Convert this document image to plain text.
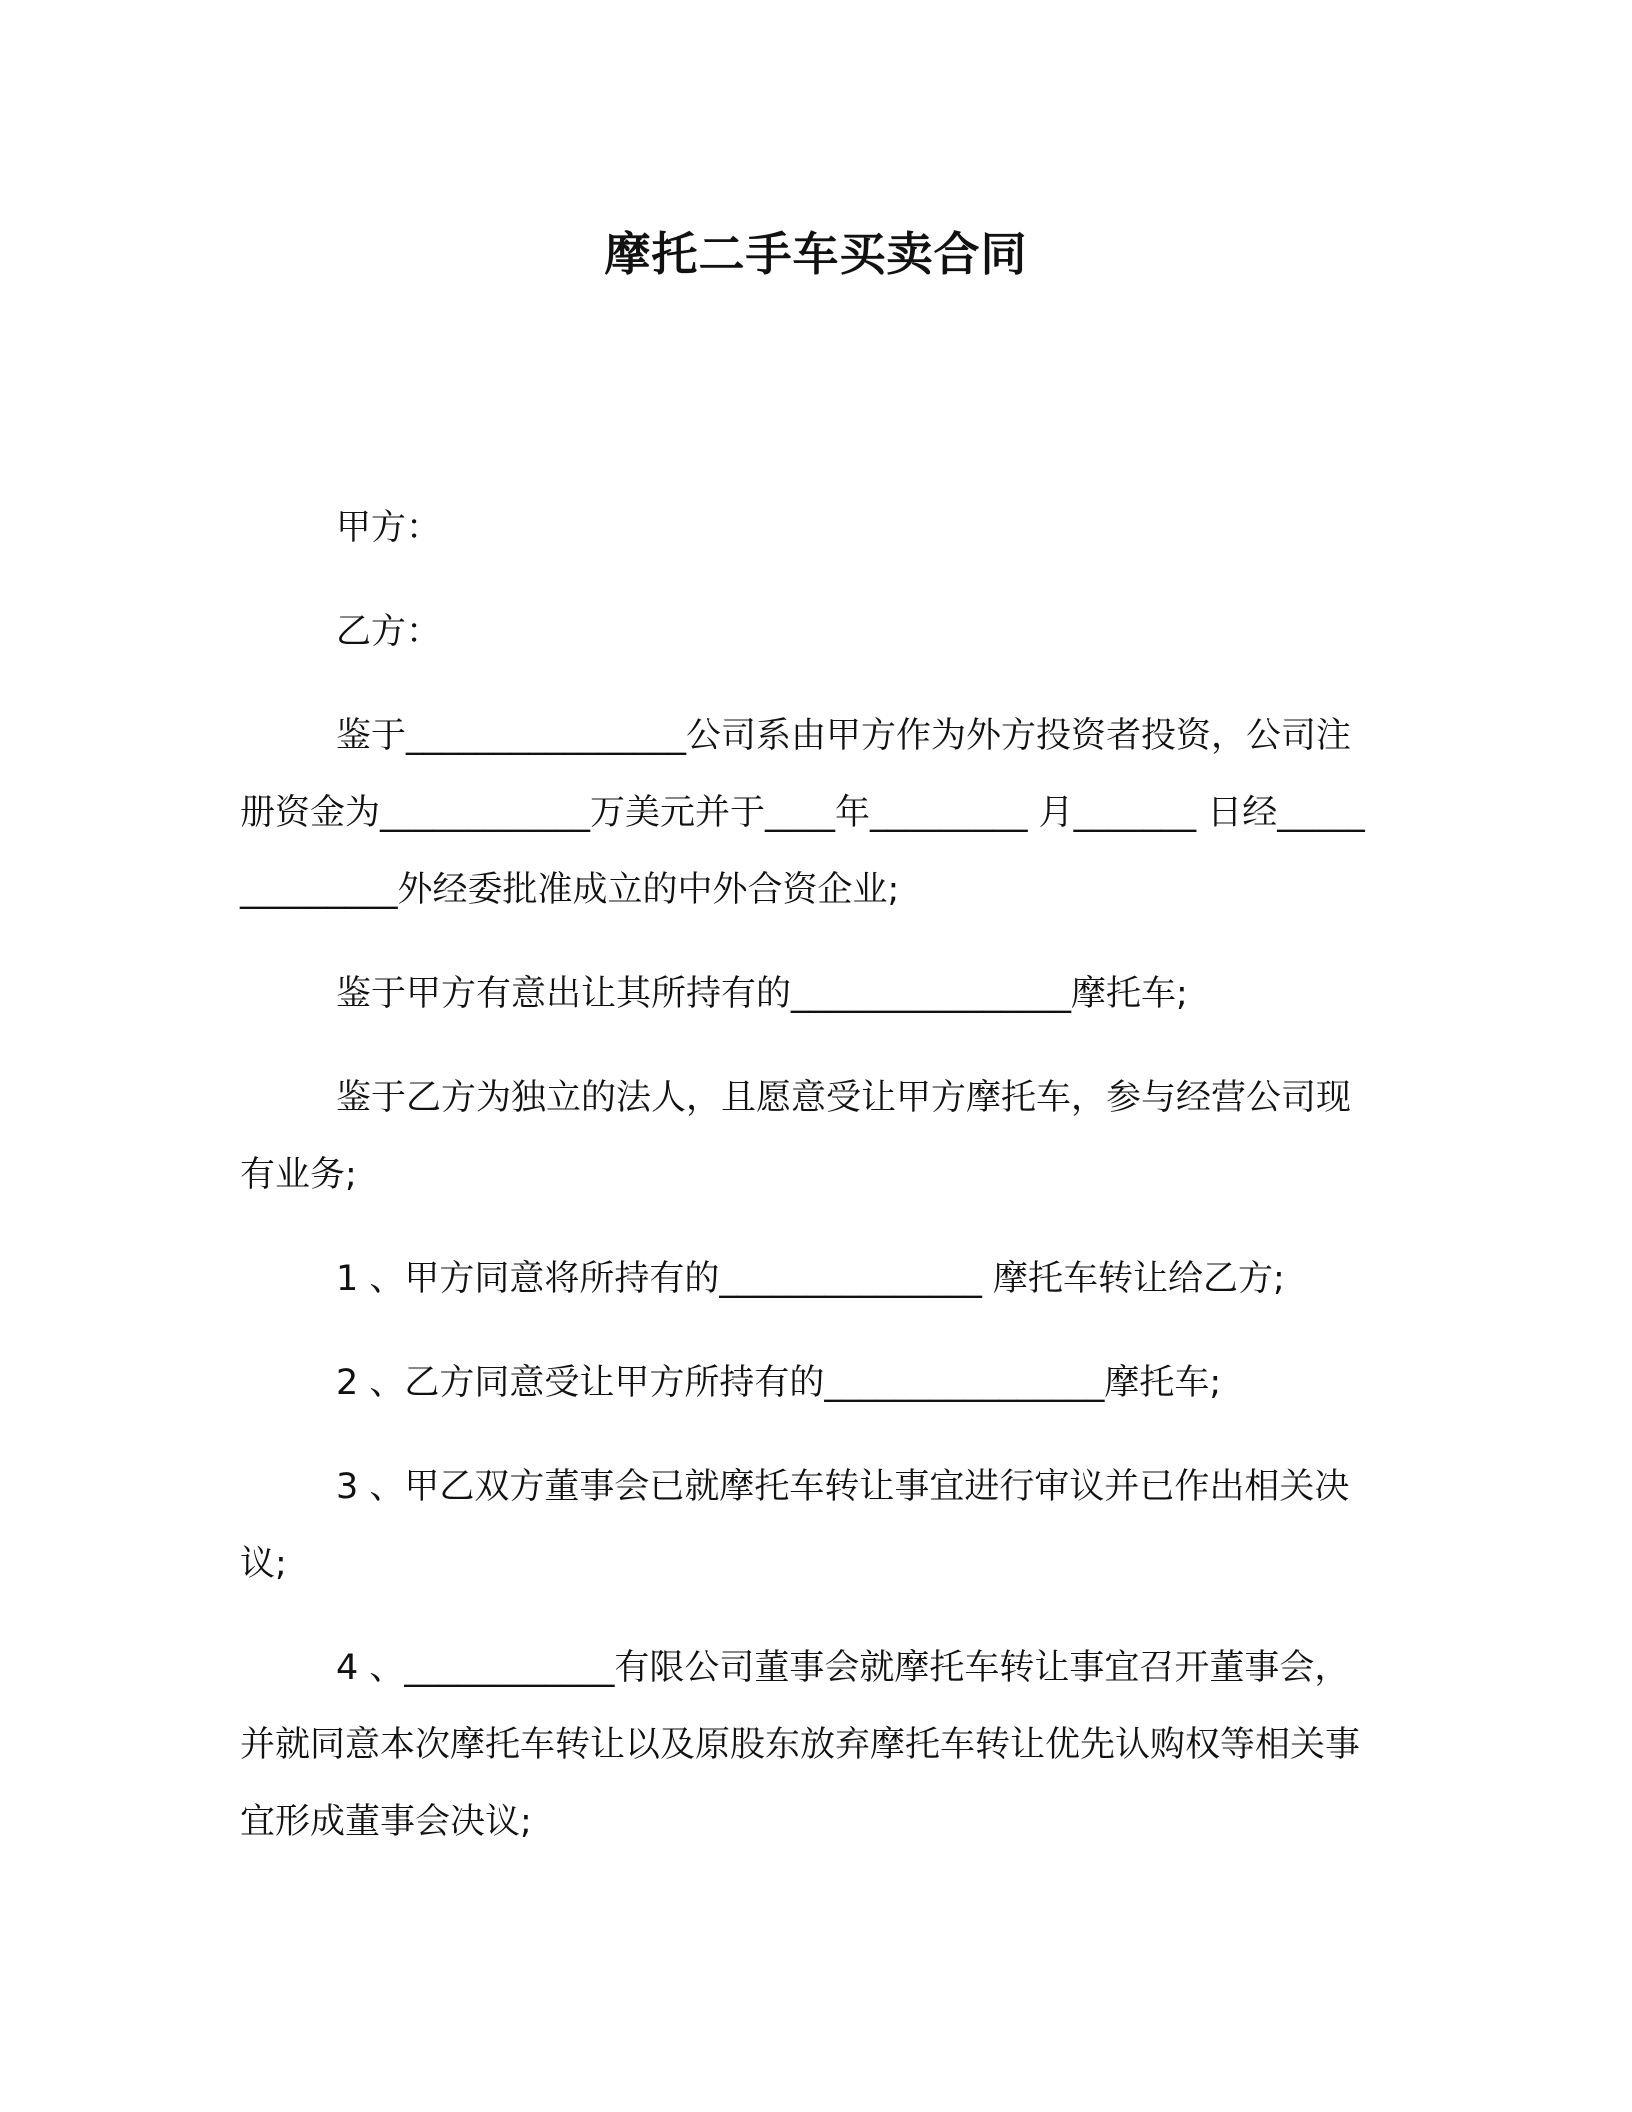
摩托二手车买卖合同

甲方：

乙方：

鉴于________________公司系由甲方作为外方投资者投资，公司注册资金为____________万美元并于____年_________ 月_______ 日经______________外经委批准成立的中外合资企业;

鉴于甲方有意出让其所持有的________________摩托车;

鉴于乙方为独立的法人，且愿意受让甲方摩托车，参与经营公司现有业务;

1 、甲方同意将所持有的_______________ 摩托车转让给乙方;

2 、乙方同意受让甲方所持有的________________摩托车;

3 、甲乙双方董事会已就摩托车转让事宜进行审议并已作出相关决议;

4 、____________有限公司董事会就摩托车转让事宜召开董事会，并就同意本次摩托车转让以及原股东放弃摩托车转让优先认购权等相关事宜形成董事会决议;
